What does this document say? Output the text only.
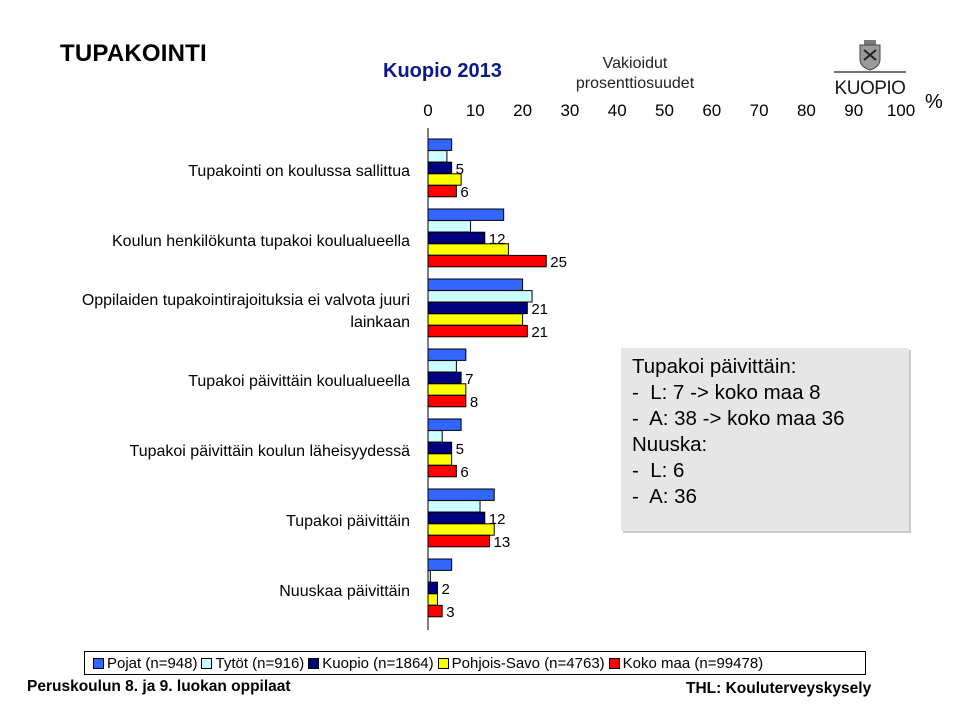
TUPAKOINTI
Kuopio 2013	Vakioidut
prosenttiosuudet	KUOPIO
%
0 10 20 30 40 50 60 70 80 90 100
Tupakointi on koulussa sallittua
Koulun henkilökunta tupakoi koulualueella
Oppilaiden tupakointirajoituksia ei valvota juuri
lainkaan
Tupakoi päivittäin koulualueella
Tupakoi päivittäin koulun läheisyydessä
Tupakoi päivittäin
Nuuskaa päivittäin
5
6
12
25
21
21
7
8
5
6
12
13
2
3
Tupakoi päivittäin:
-  L: 7 -> koko maa 8
-  A: 38 -> koko maa 36
Nuuska:
-  L: 6
-  A: 36
Pojat (n=948) Tytöt (n=916) Kuopio (n=1864) Pohjois-Savo (n=4763) Koko maa (n=99478)
Peruskoulun 8. ja 9. luokan oppilaat	THL: Kouluterveyskysely
